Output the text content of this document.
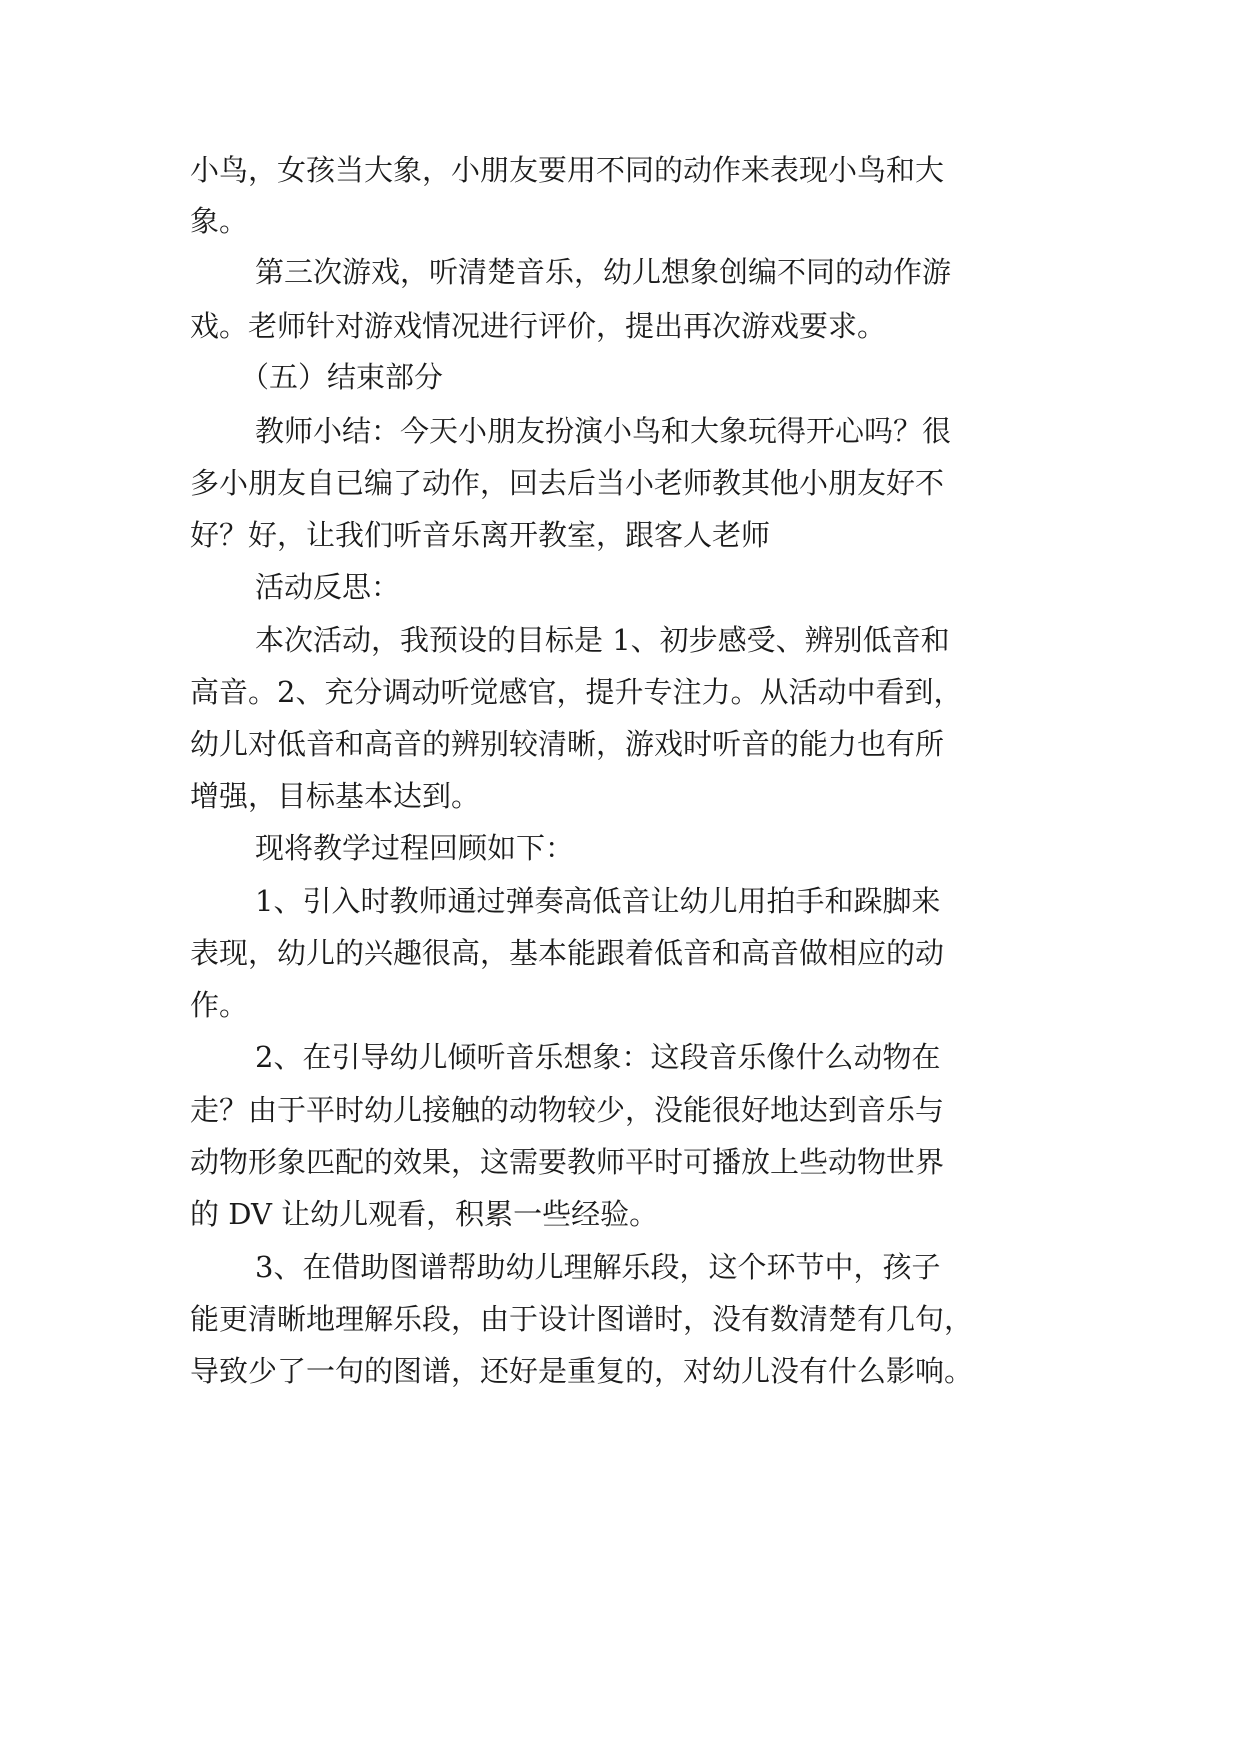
小鸟，女孩当大象，小朋友要用不同的动作来表现小鸟和大

象。

第三次游戏，听清楚音乐，幼儿想象创编不同的动作游

戏。老师针对游戏情况进行评价，提出再次游戏要求。

（五）结束部分

教师小结：今天小朋友扮演小鸟和大象玩得开心吗？很

多小朋友自已编了动作，回去后当小老师教其他小朋友好不

好？好，让我们听音乐离开教室，跟客人老师

活动反思：

本次活动，我预设的目标是 1、初步感受、辨别低音和

高音。2、充分调动听觉感官，提升专注力。从活动中看到，

幼儿对低音和高音的辨别较清晰，游戏时听音的能力也有所

增强，目标基本达到。

现将教学过程回顾如下：

1、引入时教师通过弹奏高低音让幼儿用拍手和跺脚来

表现，幼儿的兴趣很高，基本能跟着低音和高音做相应的动

作。

2、在引导幼儿倾听音乐想象：这段音乐像什么动物在

走？由于平时幼儿接触的动物较少，没能很好地达到音乐与

动物形象匹配的效果，这需要教师平时可播放上些动物世界

的 DV 让幼儿观看，积累一些经验。

3、在借助图谱帮助幼儿理解乐段，这个环节中，孩子

能更清晰地理解乐段，由于设计图谱时，没有数清楚有几句，

导致少了一句的图谱，还好是重复的，对幼儿没有什么影响。
